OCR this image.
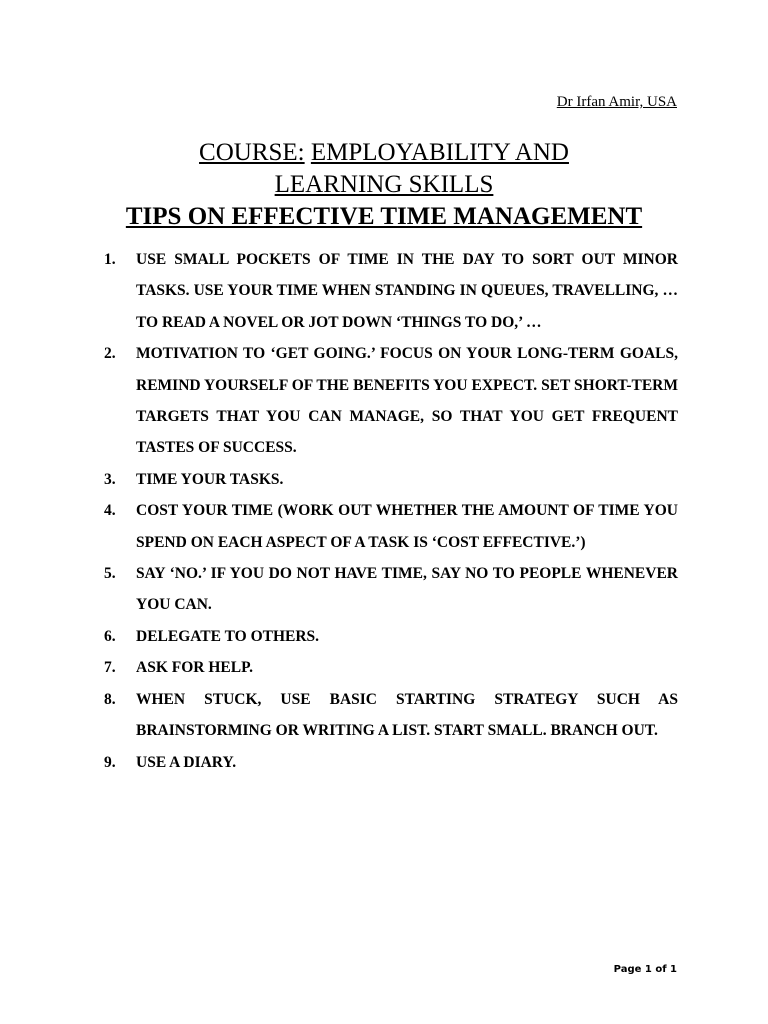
Dr Irfan Amir, USA
COURSE: EMPLOYABILITY AND
LEARNING SKILLS
TIPS ON EFFECTIVE TIME MANAGEMENT
1.	USE SMALL POCKETS OF TIME IN THE DAY TO SORT OUT MINOR TASKS. USE YOUR TIME WHEN STANDING IN QUEUES, TRAVELLING, … TO READ A NOVEL OR JOT DOWN ‘THINGS TO DO,’ …
2.	MOTIVATION TO ‘GET GOING.’ FOCUS ON YOUR LONG-TERM GOALS, REMIND YOURSELF OF THE BENEFITS YOU EXPECT. SET SHORT-TERM TARGETS THAT YOU CAN MANAGE, SO THAT YOU GET FREQUENT TASTES OF SUCCESS.
3.	TIME YOUR TASKS.
4.	COST YOUR TIME (WORK OUT WHETHER THE AMOUNT OF TIME YOU SPEND ON EACH ASPECT OF A TASK IS ‘COST EFFECTIVE.’)
5.	SAY ‘NO.’ IF YOU DO NOT HAVE TIME, SAY NO TO PEOPLE WHENEVER YOU CAN.
6.	DELEGATE TO OTHERS.
7.	ASK FOR HELP.
8.	WHEN STUCK, USE BASIC STARTING STRATEGY SUCH AS BRAINSTORMING OR WRITING A LIST. START SMALL. BRANCH OUT.
9.	USE A DIARY.
Page 1 of 1
